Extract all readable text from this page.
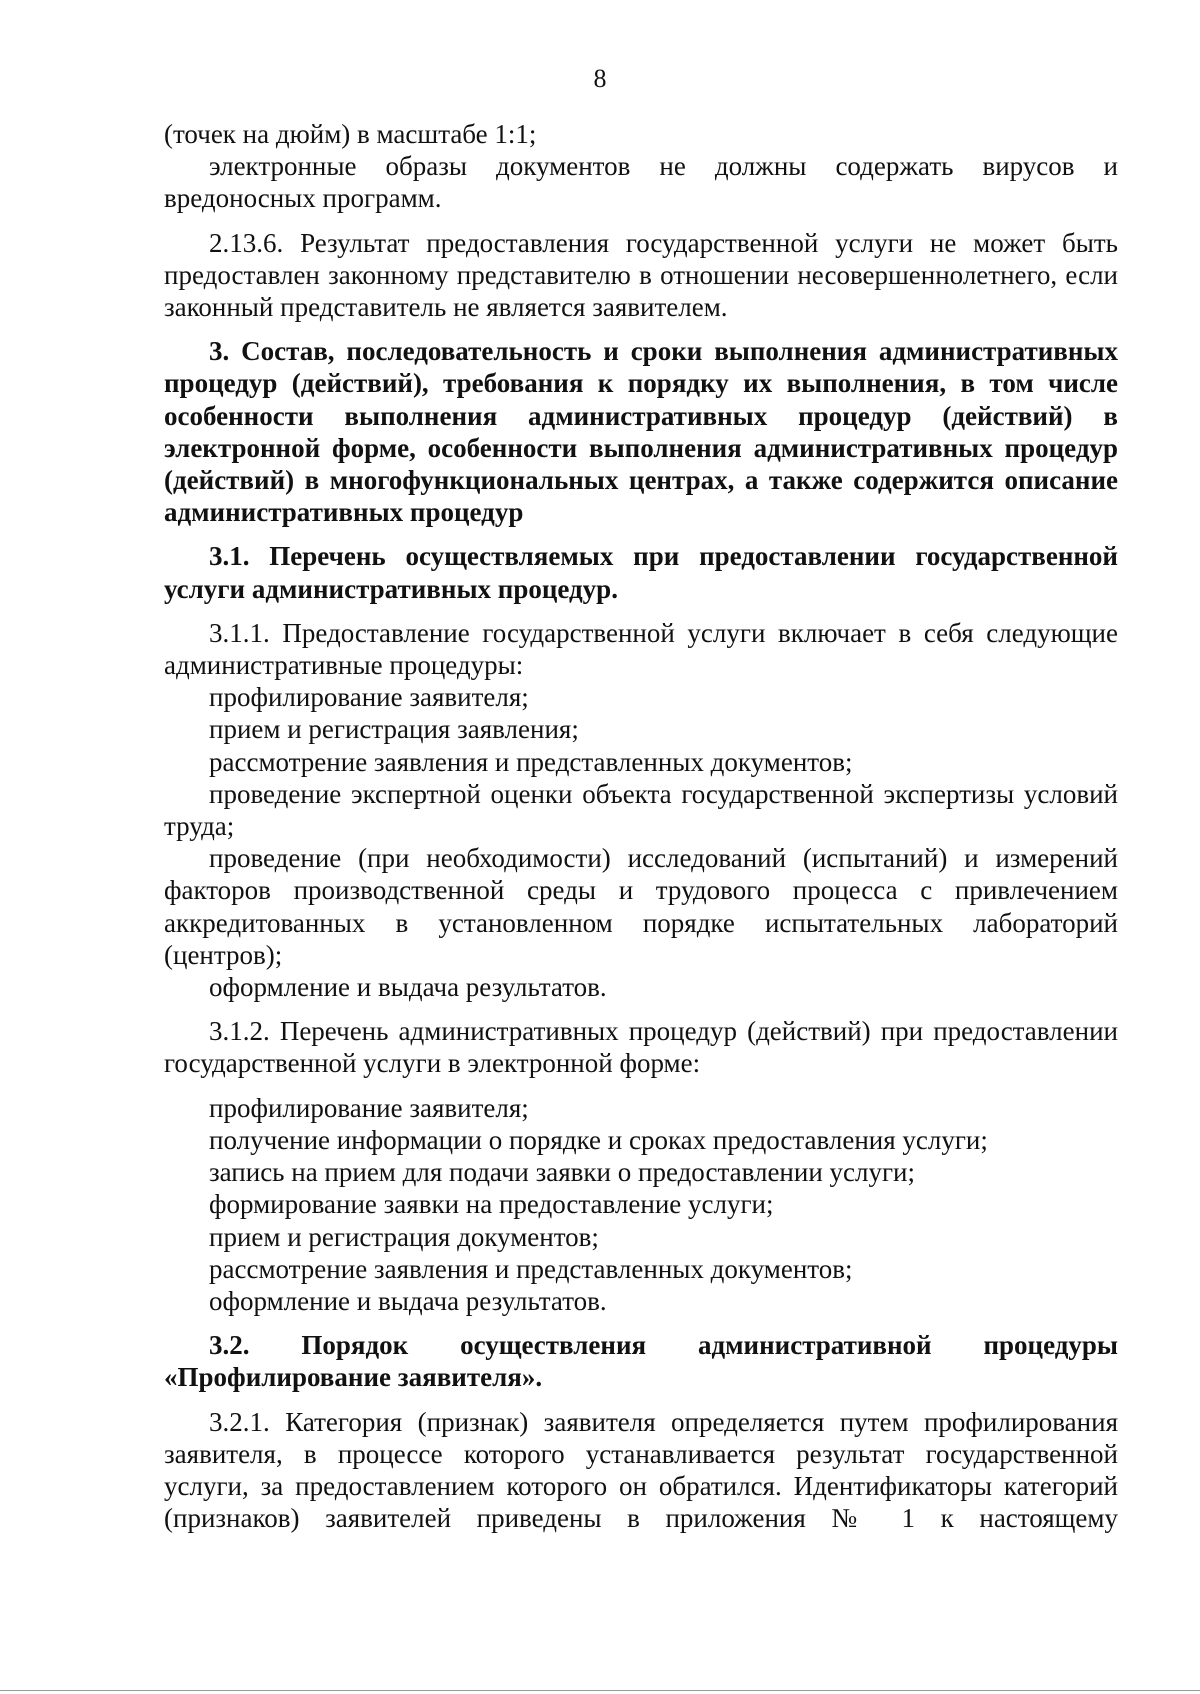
8

(точек на дюйм) в масштабе 1:1;

электронные образы документов не должны содержать вирусов и вредоносных программ.

2.13.6. Результат предоставления государственной услуги не может быть предоставлен законному представителю в отношении несовершеннолетнего, если законный представитель не является заявителем.

3. Состав, последовательность и сроки выполнения административных процедур (действий), требования к порядку их выполнения, в том числе особенности выполнения административных процедур (действий) в электронной форме, особенности выполнения административных процедур (действий) в многофункциональных центрах, а также содержится описание административных процедур

3.1. Перечень осуществляемых при предоставлении государственной услуги административных процедур.

3.1.1. Предоставление государственной услуги включает в себя следующие административные процедуры:

профилирование заявителя;

прием и регистрация заявления;

рассмотрение заявления и представленных документов;

проведение экспертной оценки объекта государственной экспертизы условий труда;

проведение (при необходимости) исследований (испытаний) и измерений факторов производственной среды и трудового процесса с привлечением аккредитованных в установленном порядке испытательных лабораторий (центров);

оформление и выдача результатов.

3.1.2. Перечень административных процедур (действий) при предоставлении государственной услуги в электронной форме:

профилирование заявителя;

получение информации о порядке и сроках предоставления услуги;

запись на прием для подачи заявки о предоставлении услуги;

формирование заявки на предоставление услуги;

прием и регистрация документов;

рассмотрение заявления и представленных документов;

оформление и выдача результатов.

3.2. Порядок осуществления административной процедуры «Профилирование заявителя».

3.2.1. Категория (признак) заявителя определяется путем профилирования заявителя, в процессе которого устанавливается результат государственной услуги, за предоставлением которого он обратился. Идентификаторы категорий (признаков) заявителей приведены в приложения № 1 к настоящему
